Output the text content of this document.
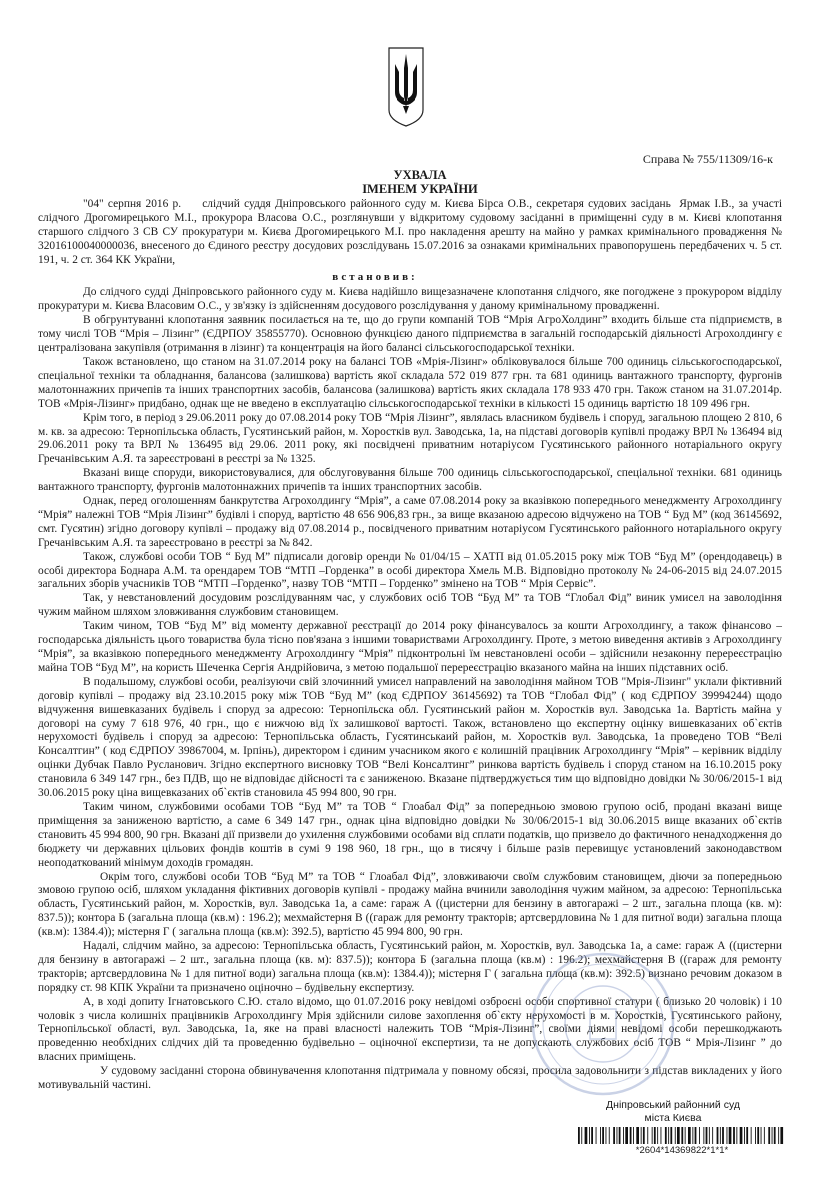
Справа № 755/11309/16-к
УХВАЛА
ІМЕНЕМ УКРАЇНИ

"04" серпня 2016 р.     слідчий суддя Дніпровського районного суду м. Києва Бірса О.В., секретаря судових засідань  Ярмак І.В., за участі слідчого Дрогомирецького М.І., прокурора Власова О.С., розглянувши у відкритому судовому засіданні в приміщенні суду в м. Києві клопотання старшого слідчого 3 СВ СУ прокуратури м. Києва Дрогомирецького М.І. про накладення арешту на майно у рамках кримінального провадження № 32016100040000036, внесеного до Єдиного реєстру досудових розслідувань 15.07.2016 за ознаками кримінальних правопорушень передбачених ч. 5 ст. 191, ч. 2 ст. 364 КК України,

встановив:

До слідчого судді Дніпровського районного суду м. Києва надійшло вищезазначене клопотання слідчого, яке погоджене з прокурором відділу прокуратури м. Києва Власовим О.С., у зв'язку із здійсненням досудового розслідування у даному кримінальному провадженні.

В обгрунтуванні клопотання заявник посилається на те, що до групи компаній ТОВ “Мрія АгроХолдинг” входить більше ста підприємств, в тому числі ТОВ “Мрія – Лізинг” (ЄДРПОУ 35855770). Основною функцією даного підприємства в загальній господарській діяльності Агрохолдингу є централізована закупівля (отримання в лізинг) та концентрація на його балансі сільськогосподарської техніки.

Також встановлено, що станом на 31.07.2014 року на балансі ТОВ «Мрія-Лізинг» обліковувалося більше 700 одиниць сільськогосподарської, спеціальної техніки та обладнання, балансова (залишкова) вартість якої складала 572 019 877 грн. та 681 одиниць вантажного транспорту, фургонів малотоннажних причепів та інших транспортних засобів, балансова (залишкова) вартість яких складала 178 933 470 грн. Також станом на 31.07.2014р. ТОВ «Мрія-Лізинг» придбано, однак ще не введено в експлуатацію сільськогосподарської техніки в кількості 15 одиниць вартістю 18 109 496 грн.

Крім того, в період з 29.06.2011 року до 07.08.2014 року ТОВ “Мрія Лізинг”, являлась власником будівель і споруд, загальною площею 2 810, 6 м. кв. за адресою: Тернопільська область, Гусятинський район, м. Хоростків вул. Заводська, 1а, на підставі договорів купівлі продажу ВРЛ № 136494 від 29.06.2011 року та ВРЛ № 136495 від 29.06. 2011 року, які посвідчені приватним нотаріусом Гусятинського районного нотаріального округу Гречанівським А.Я. та зареєстровані в реєстрі за № 1325.

Вказані вище споруди, використовувалися, для обслуговування більше 700 одиниць сільськогосподарської, спеціальної техніки. 681 одиниць вантажного транспорту, фургонів малотоннажних причепів та інших транспортних засобів.

Однак, перед оголошенням банкрутства Агрохолдингу “Мрія”, а саме 07.08.2014 року за вказівкою попереднього менеджменту Агрохолдингу “Мрія” належні ТОВ “Мрія Лізинг” будівлі і споруд, вартістю 48 656 906,83 грн., за вище вказаною адресою відчужено на ТОВ “ Буд М” (код 36145692, смт. Гусятин) згідно договору купівлі – продажу від 07.08.2014 р., посвідченого приватним нотаріусом Гусятинського районного нотаріального округу Гречанівським А.Я. та зареєстровано в реєстрі за № 842.

Також, службові особи ТОВ “ Буд М” підписали договір оренди № 01/04/15 – ХАТП від 01.05.2015 року між ТОВ “Буд М” (орендодавець) в особі директора Боднара А.М. та орендарем ТОВ “МТП –Горденка” в особі директора Хмель М.В. Відповідно протоколу № 24-06-2015 від 24.07.2015 загальних зборів учасників ТОВ “МТП –Горденко”, назву ТОВ “МТП – Горденко” змінено на ТОВ “ Мрія Сервіс”.

Так, у невстановлений досудовим розслідуванням час, у службових осіб ТОВ “Буд М” та ТОВ “Глобал Фід” виник умисел на заволодіння чужим майном шляхом зловживання службовим становищем.

Таким чином, ТОВ “Буд М” від моменту державної реєстрації до 2014 року фінансувалось за кошти Агрохолдингу, а також фінансово – господарська діяльність цього товариства була тісно пов'язана з іншими товариствами Агрохолдингу. Проте, з метою виведення активів з Агрохолдингу “Мрія”, за вказівкою попереднього менеджменту Агрохолдингу “Мрія” підконтрольні їм невстановлені особи – здійснили незаконну перереєстрацію майна ТОВ “Буд М”, на користь Шеченка Сергія Андрійовича, з метою подальшої перереєстрацію вказаного майна на інших підставних осіб.

В подальшому, службові особи, реалізуючи свій злочинний умисел направлений на заволодіння майном ТОВ "Мрія-Лізинг" уклали фіктивний договір купівлі – продажу від 23.10.2015 року між ТОВ “Буд М” (код ЄДРПОУ 36145692) та ТОВ “Глобал Фід” ( код ЄДРПОУ 39994244) щодо відчуження вишевказаних будівель і споруд за адресою: Тернопільска обл. Гусятинський район м. Хоростків вул. Заводська 1а. Вартість майна у договорі на суму 7 618 976, 40 грн., що є нижчою від їх залишкової вартості. Також, встановлено що експертну оцінку вишевказаних об`єктів нерухомості будівель і споруд за адресою: Тернопільська область, Гусятинськаий район, м. Хоростків вул. Заводська, 1а проведено ТОВ “Велі Консалтгин” ( код ЄДРПОУ 39867004, м. Ірпінь), директором і єдиним учасником якого є колишній працівник Агрохолдингу “Мрія” – керівник відділу оцінки Дубчак Павло Русланович. Згідно експертного висновку ТОВ “Велі Консалтинг” ринкова вартість будівель і споруд станом на 16.10.2015 року становила 6 349 147 грн., без ПДВ, що не відповідає дійсності та є заниженою. Вказане підтверджується тим що відповідно довідки № 30/06/2015-1 від 30.06.2015 року ціна вищевказаних об`єктів становила 45 994 800, 90 грн.

Таким чином, службовими особами ТОВ “Буд М” та ТОВ “ Глоабал Фід” за попередньою змовою групою осіб, продані вказані вище приміщення за заниженою вартістю, а саме 6 349 147 грн., однак ціна відповідно довідки № 30/06/2015-1 від 30.06.2015 вище вказаних об`єктів становить 45 994 800, 90 грн. Вказані дії призвели до ухилення службовими особами від сплати податків, що призвело до фактичного ненадходження до бюджету чи державних цільових фондів коштів в сумі 9 198 960, 18 грн., що в тисячу і більше разів перевищує установлений законодавством неоподаткований мінімум доходів громадян.

Окрім того, службові особи ТОВ “Буд М” та ТОВ “ Глоабал Фід”, зловживаючи своїм службовим становищем, діючи за попередньою змовою групою осіб, шляхом укладання фіктивних договорів купівлі - продажу майна вчинили заволодіння чужим майном, за адресою: Тернопільська область, Гусятинський район, м. Хоростків, вул. Заводська 1а, а саме: гараж А ((цистерни для бензину в автогаражі – 2 шт., загальна площа (кв. м): 837.5)); контора Б (загальна площа (кв.м) : 196.2); мехмайстерня В ((гараж для ремонту тракторів; артсвердловина № 1 для питної води) загальна площа (кв.м): 1384.4)); містерня Г ( загальна площа (кв.м): 392.5), вартістю 45 994 800, 90 грн.

Надалі, слідчим майно, за адресою: Тернопільська область, Гусятинський район, м. Хоростків, вул. Заводська 1а, а саме: гараж А ((цистерни для бензину в автогаражі – 2 шт., загальна площа (кв. м): 837.5)); контора Б (загальна площа (кв.м) : 196.2); мехмайстерня В ((гараж для ремонту тракторів; артсвердловина № 1 для питної води) загальна площа (кв.м): 1384.4)); містерня Г ( загальна площа (кв.м): 392.5) визнано речовим доказом в порядку ст. 98 КПК України та призначено оціночно – будівельну експертизу.

А, в ході допиту Ігнатовського С.Ю. стало відомо, що 01.07.2016 року невідомі озброєні особи спортивної статури ( близько 20 чоловік) і 10 чоловік з числа колишніх працівників Агрохолдингу Мрія здійснили силове захоплення об`єкту нерухомості в м. Хоростків, Гусятинського району, Тернопільської області, вул. Заводська, 1а, яке на праві власності належить ТОВ “Мрія-Лізинг”, своїми діями невідомі особи перешкоджають проведенню необхідних слідчих дій та проведенню будівельно – оціночної експертизи, та не допускають службових осіб ТОВ “ Мрія-Лізинг ” до власних приміщень.

У судовому засіданні сторона обвинувачення клопотання підтримала у повному обсязі, просила задовольнити з підстав викладених у його мотивувальній частині.

Дніпровський районний суд
міста Києва
*2604*14369822*1*1*
